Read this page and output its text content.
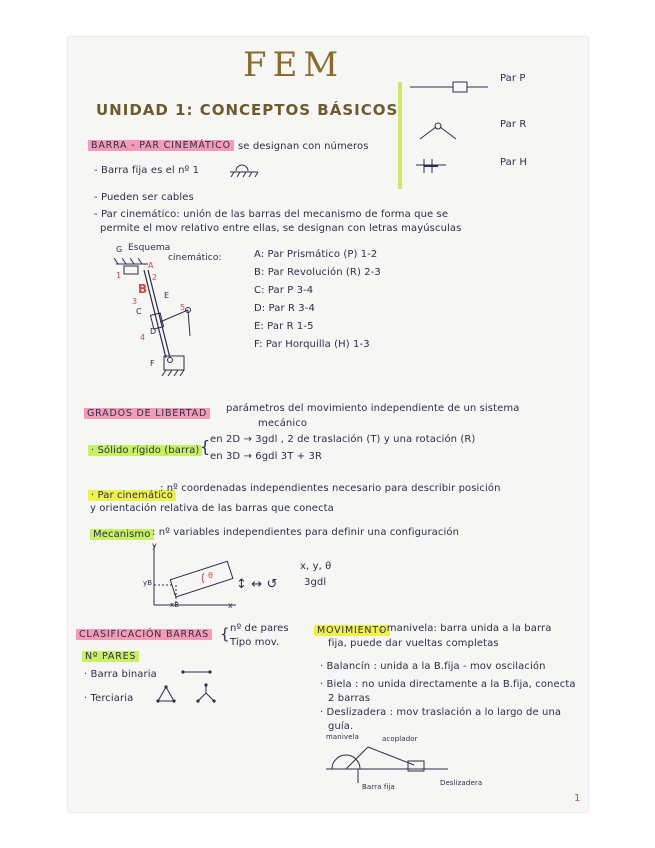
FEM
UNIDAD 1: CONCEPTOS BÁSICOS
Par P
Par R
Par H
BARRA - PAR CINEMÁTICO se designan con números
- Barra fija es el nº 1
- Pueden ser cables
- Par cinemático: unión de las barras del mecanismo de forma que se
permite el mov relativo entre ellas, se designan con letras mayúsculas
Esquema
cinemático:
G
A
B
C
D
E
F
1	2
3
4
5
A: Par Prismático (P) 1-2
B: Par Revolución (R) 2-3
C: Par P 3-4
D: Par R 3-4
E: Par R 1-5
F: Par Horquilla (H) 1-3
GRADOS DE LIBERTAD	parámetros del movimiento independiente de un sistema
mecánico
· Sólido rígido (barra) { en 2D → 3gdl , 2 de traslación (T) y una rotación (R)
en 3D → 6gdl 3T + 3R
· Par cinemático
: nº coordenadas independientes necesario para describir posición
y orientación relativa de las barras que conecta
Mecanismo : nº variables independientes para definir una configuración
y
x
yB
xB
θ
↕ ↔ ↺
x, y, θ
3gdl
CLASIFICACIÓN BARRAS { nº de pares
Tipo mov.
Nº PARES
· Barra binaria
· Terciaria
MOVIMIENTO
: manivela: barra unida a la barra
fija, puede dar vueltas completas
· Balancín : unida a la B.fija - mov oscilación
· Biela : no unida directamente a la B.fija, conecta
2 barras
· Deslizadera : mov traslación a lo largo de una
guía.
manivela	acoplador
Barra fija	Deslizadera
1
